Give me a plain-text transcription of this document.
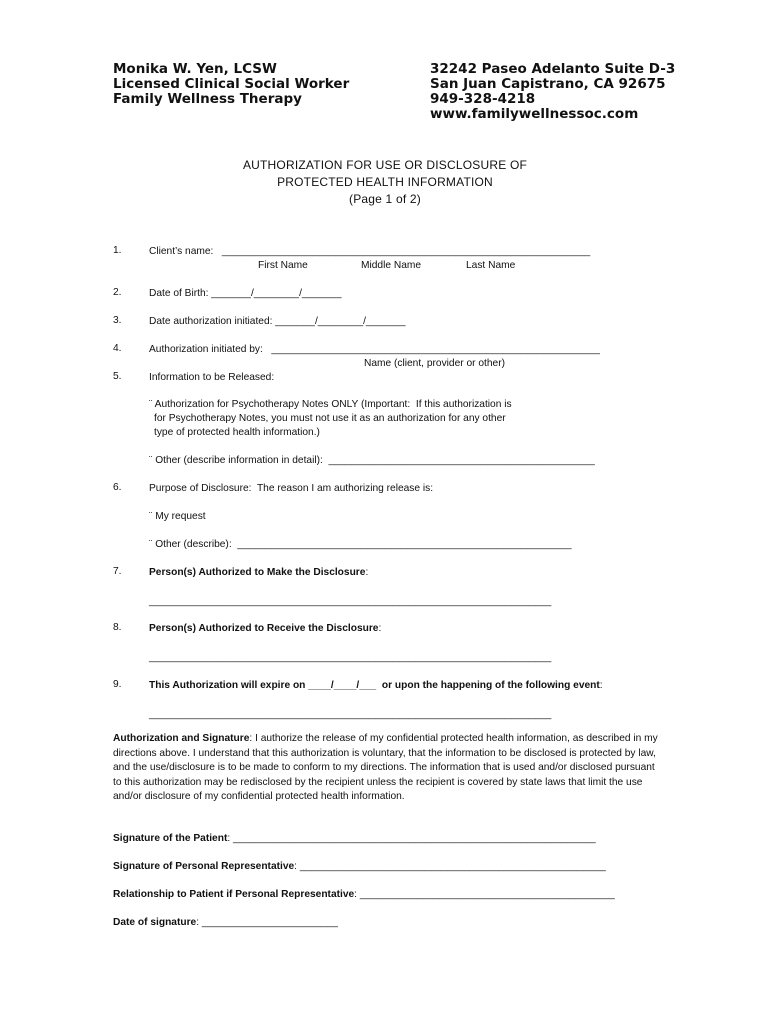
Monika W. Yen, LCSW
Licensed Clinical Social Worker
Family Wellness Therapy
32242 Paseo Adelanto Suite D-3
San Juan Capistrano, CA 92675
949-328-4218
www.familywellnessoc.com
AUTHORIZATION FOR USE OR DISCLOSURE OF
PROTECTED HEALTH INFORMATION
(Page 1 of 2)
1.	Client’s name:   _________________________________________________________________
First Name	Middle Name	Last Name
2.	Date of Birth: _______/________/_______
3.	Date authorization initiated: _______/________/_______
4.	Authorization initiated by:   __________________________________________________________
Name (client, provider or other)
5.	Information to be Released:
¨ Authorization for Psychotherapy Notes ONLY (Important:  If this authorization is
for Psychotherapy Notes, you must not use it as an authorization for any other
type of protected health information.)
¨ Other (describe information in detail):  _______________________________________________
6.	Purpose of Disclosure:  The reason I am authorizing release is:
¨ My request
¨ Other (describe):  ___________________________________________________________
7.	Person(s) Authorized to Make the Disclosure:
_______________________________________________________________________
8.	Person(s) Authorized to Receive the Disclosure:
_______________________________________________________________________
9.	This Authorization will expire on ____/____/___  or upon the happening of the following event:
_______________________________________________________________________
Authorization and Signature: I authorize the release of my confidential protected health information, as described in my directions above. I understand that this authorization is voluntary, that the information to be disclosed is protected by law, and the use/disclosure is to be made to conform to my directions. The information that is used and/or disclosed pursuant to this authorization may be redisclosed by the recipient unless the recipient is covered by state laws that limit the use and/or disclosure of my confidential protected health information.
Signature of the Patient: ________________________________________________________________
Signature of Personal Representative: ______________________________________________________
Relationship to Patient if Personal Representative: _____________________________________________
Date of signature: ________________________
